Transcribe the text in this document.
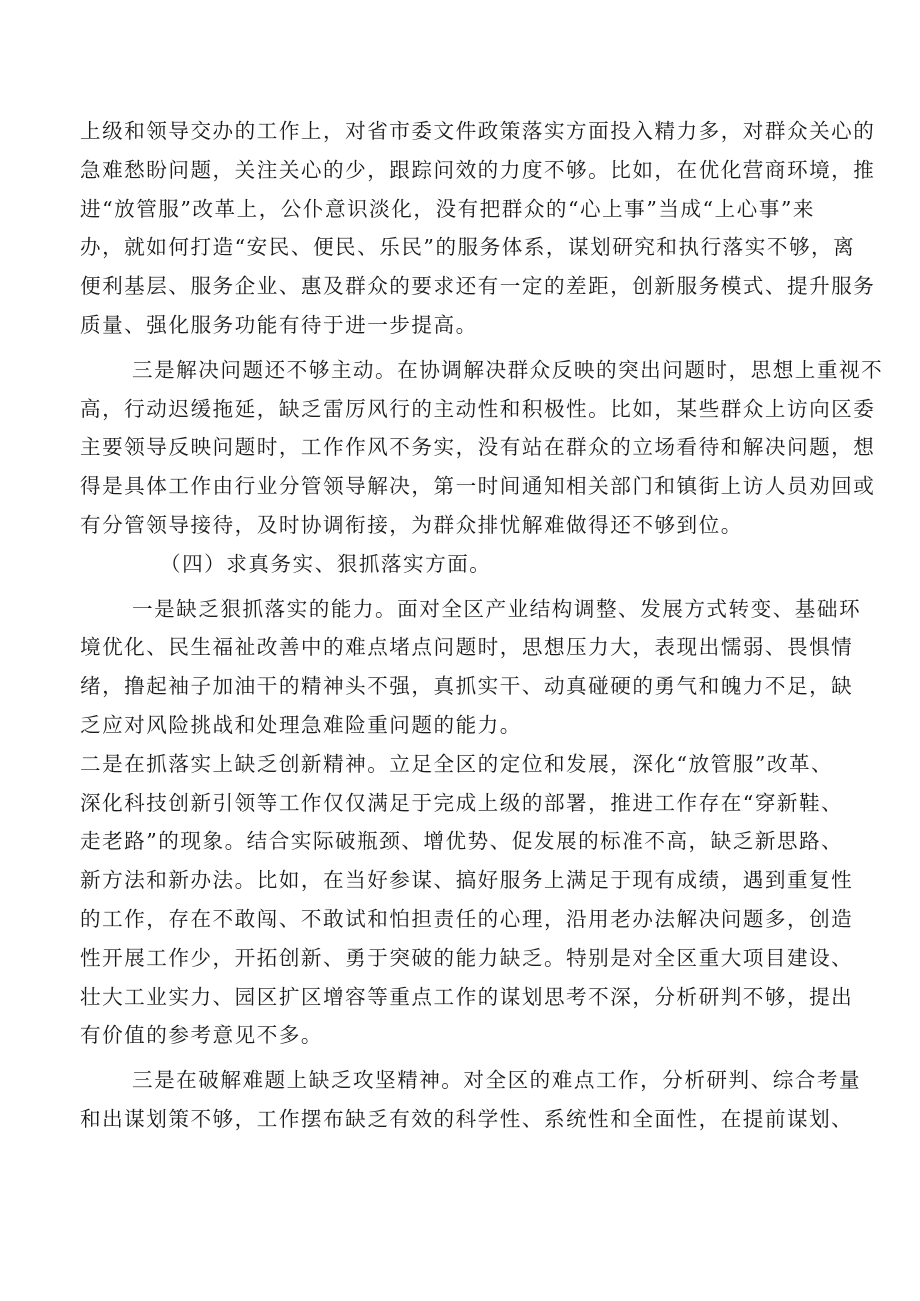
上级和领导交办的工作上，对省市委文件政策落实方面投入精力多，对群众关心的
急难愁盼问题，关注关心的少，跟踪问效的力度不够。比如，在优化营商环境，推
进“放管服”改革上，公仆意识淡化，没有把群众的“心上事”当成“上心事”来
办，就如何打造“安民、便民、乐民”的服务体系，谋划研究和执行落实不够，离
便利基层、服务企业、惠及群众的要求还有一定的差距，创新服务模式、提升服务
质量、强化服务功能有待于进一步提高。
三是解决问题还不够主动。在协调解决群众反映的突出问题时，思想上重视不
高，行动迟缓拖延，缺乏雷厉风行的主动性和积极性。比如，某些群众上访向区委
主要领导反映问题时，工作作风不务实，没有站在群众的立场看待和解决问题，想
得是具体工作由行业分管领导解决，第一时间通知相关部门和镇街上访人员劝回或
有分管领导接待，及时协调衔接，为群众排忧解难做得还不够到位。
（四）求真务实、狠抓落实方面。
一是缺乏狠抓落实的能力。面对全区产业结构调整、发展方式转变、基础环
境优化、民生福祉改善中的难点堵点问题时，思想压力大，表现出懦弱、畏惧情
绪，撸起袖子加油干的精神头不强，真抓实干、动真碰硬的勇气和魄力不足，缺
乏应对风险挑战和处理急难险重问题的能力。
二是在抓落实上缺乏创新精神。立足全区的定位和发展，深化“放管服”改革、
深化科技创新引领等工作仅仅满足于完成上级的部署，推进工作存在“穿新鞋、
走老路”的现象。结合实际破瓶颈、增优势、促发展的标准不高，缺乏新思路、
新方法和新办法。比如，在当好参谋、搞好服务上满足于现有成绩，遇到重复性
的工作，存在不敢闯、不敢试和怕担责任的心理，沿用老办法解决问题多，创造
性开展工作少，开拓创新、勇于突破的能力缺乏。特别是对全区重大项目建设、
壮大工业实力、园区扩区增容等重点工作的谋划思考不深，分析研判不够，提出
有价值的参考意见不多。
三是在破解难题上缺乏攻坚精神。对全区的难点工作，分析研判、综合考量
和出谋划策不够，工作摆布缺乏有效的科学性、系统性和全面性，在提前谋划、
